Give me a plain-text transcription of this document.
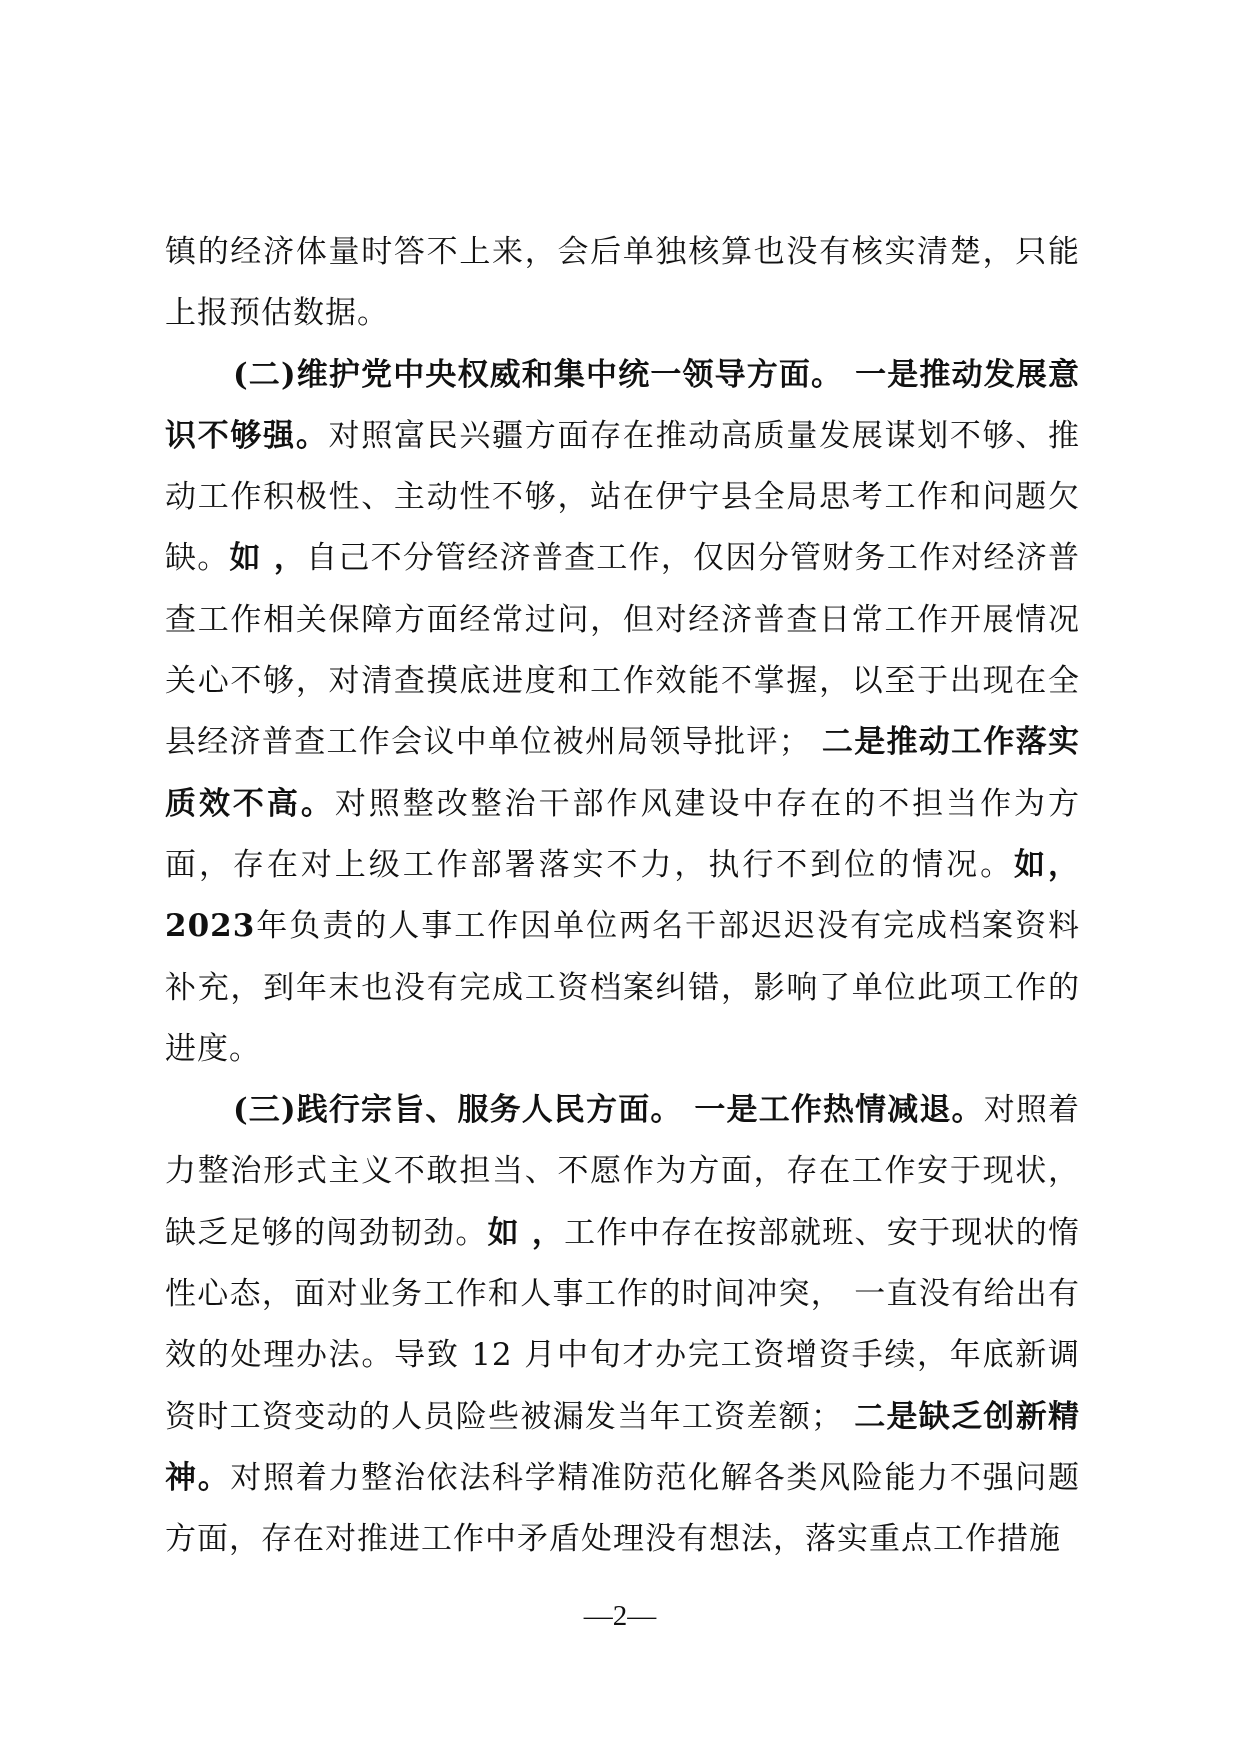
镇的经济体量时答不上来，会后单独核算也没有核实清楚，只能上报预估数据。

(二)维护党中央权威和集中统一领导方面。 一是推动发展意识不够强。对照富民兴疆方面存在推动高质量发展谋划不够、推动工作积极性、主动性不够，站在伊宁县全局思考工作和问题欠缺。如 ，自己不分管经济普查工作，仅因分管财务工作对经济普查工作相关保障方面经常过问，但对经济普查日常工作开展情况关心不够，对清查摸底进度和工作效能不掌握，以至于出现在全县经济普查工作会议中单位被州局领导批评； 二是推动工作落实质效不高。对照整改整治干部作风建设中存在的不担当作为方面，存在对上级工作部署落实不力，执行不到位的情况。如，2023年负责的人事工作因单位两名干部迟迟没有完成档案资料补充，到年末也没有完成工资档案纠错，影响了单位此项工作的进度。

(三)践行宗旨、服务人民方面。 一是工作热情减退。对照着力整治形式主义不敢担当、不愿作为方面，存在工作安于现状，缺乏足够的闯劲韧劲。如 ，工作中存在按部就班、安于现状的惰性心态，面对业务工作和人事工作的时间冲突， 一直没有给出有效的处理办法。导致 12 月中旬才办完工资增资手续，年底新调资时工资变动的人员险些被漏发当年工资差额； 二是缺乏创新精神。对照着力整治依法科学精准防范化解各类风险能力不强问题方面，存在对推进工作中矛盾处理没有想法，落实重点工作措施

—2—
